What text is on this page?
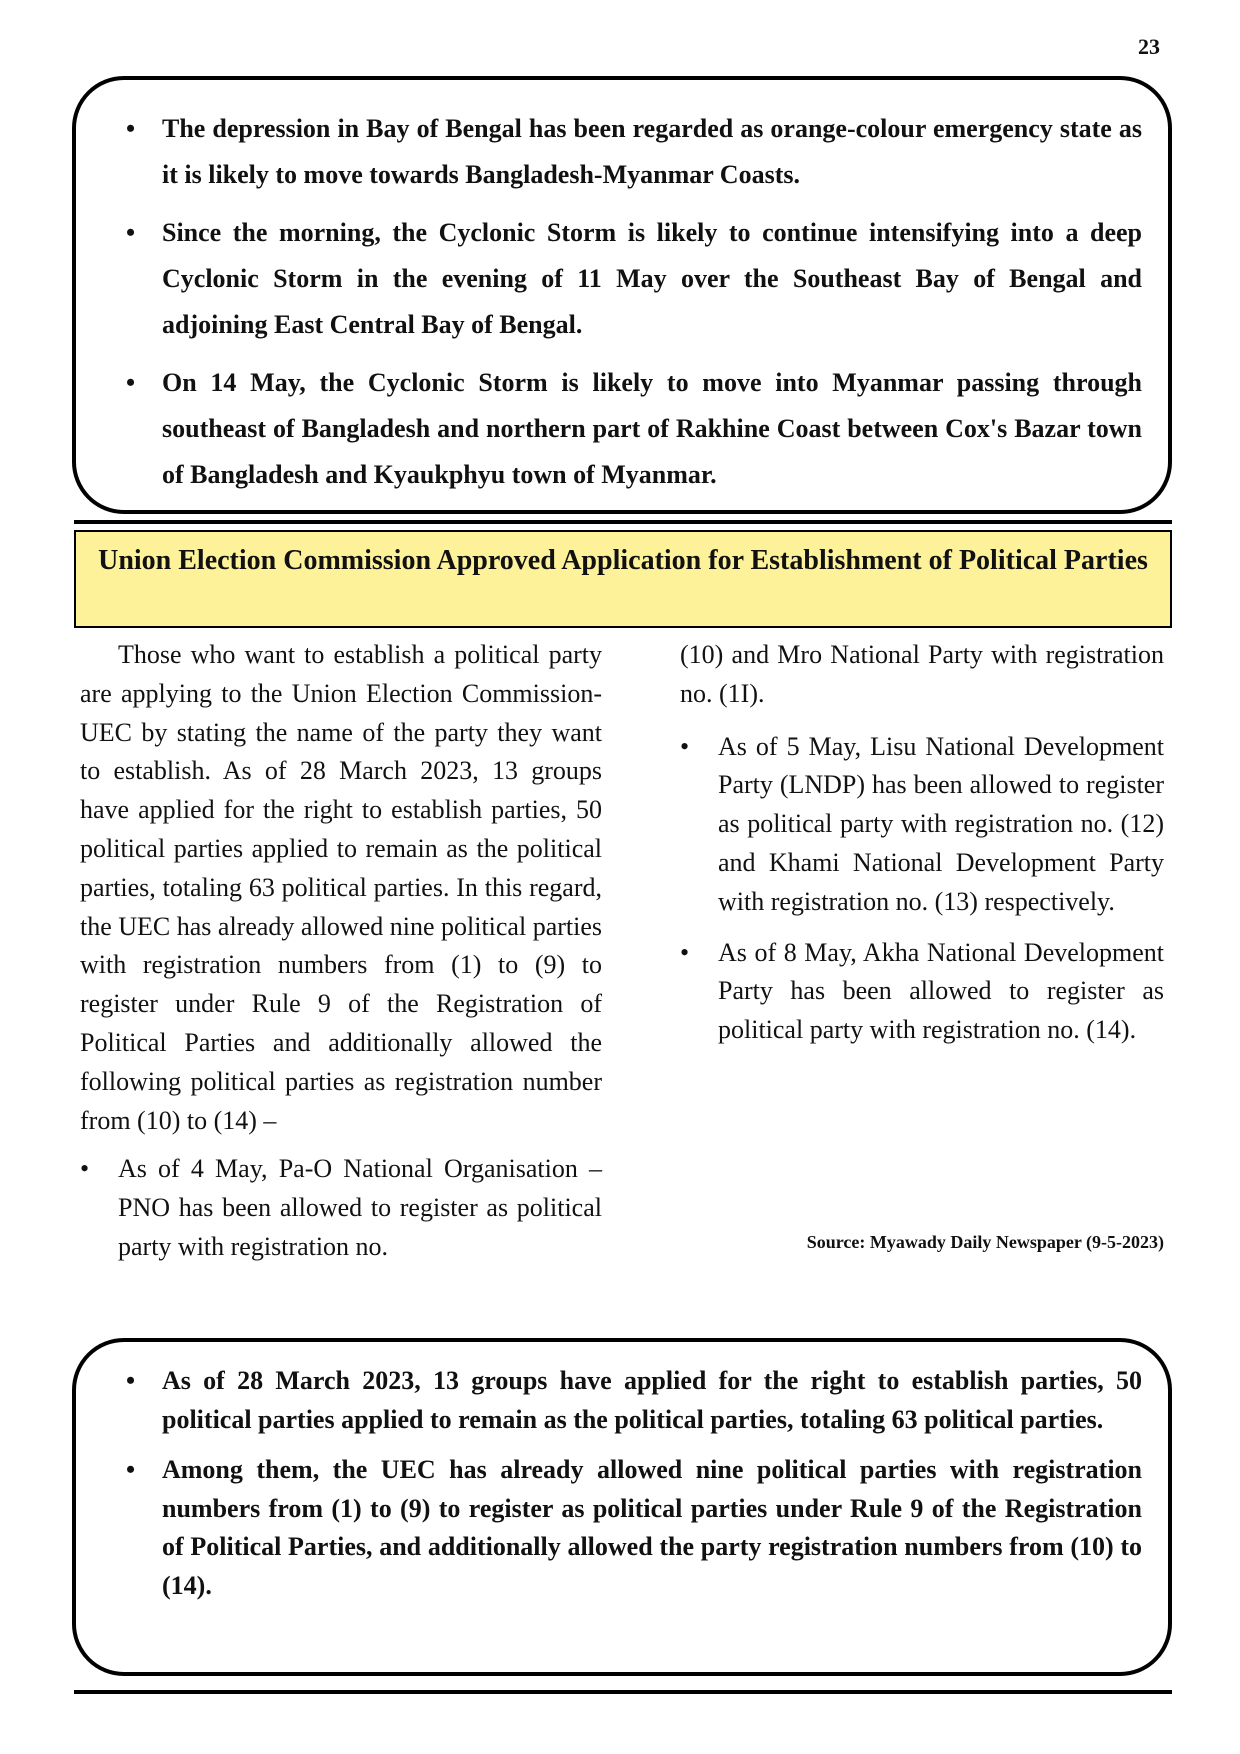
23
• The depression in Bay of Bengal has been regarded as orange-colour emergency state as it is likely to move towards Bangladesh-Myanmar Coasts.
• Since the morning, the Cyclonic Storm is likely to continue intensifying into a deep Cyclonic Storm in the evening of 11 May over the Southeast Bay of Bengal and adjoining East Central Bay of Bengal.
• On 14 May, the Cyclonic Storm is likely to move into Myanmar passing through southeast of Bangladesh and northern part of Rakhine Coast between Cox's Bazar town of Bangladesh and Kyaukphyu town of Myanmar.
Union Election Commission Approved Application for Establishment of Political Parties

Those who want to establish a political party are applying to the Union Election Commission-UEC by stating the name of the party they want to establish. As of 28 March 2023, 13 groups have applied for the right to establish parties, 50 political parties applied to remain as the political parties, totaling 63 political parties. In this regard, the UEC has already allowed nine political parties with registration numbers from (1) to (9) to register under Rule 9 of the Registration of Political Parties and additionally allowed the following political parties as registration number from (10) to (14) –

• As of 4 May, Pa-O National Organisation – PNO has been allowed to register as political party with registration no.

(10) and Mro National Party with registration no. (1I).

• As of 5 May, Lisu National Development Party (LNDP) has been allowed to register as political party with registration no. (12) and Khami National Development Party with registration no. (13) respectively.
• As of 8 May, Akha National Development Party has been allowed to register as political party with registration no. (14).
Source: Myawady Daily Newspaper (9-5-2023)
• As of 28 March 2023, 13 groups have applied for the right to establish parties, 50 political parties applied to remain as the political parties, totaling 63 political parties.
• Among them, the UEC has already allowed nine political parties with registration numbers from (1) to (9) to register as political parties under Rule 9 of the Registration of Political Parties, and additionally allowed the party registration numbers from (10) to (14).
